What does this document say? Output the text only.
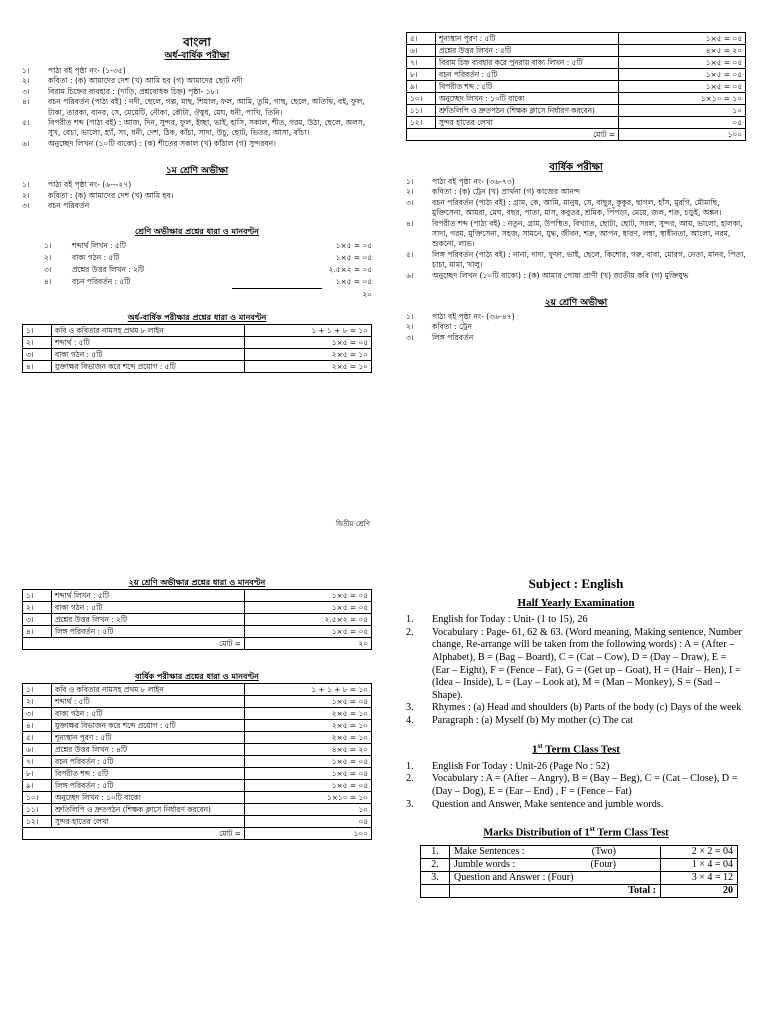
বাংলা
অর্ধ-বার্ষিক পরীক্ষা
১।	পাঠ্য বই পৃষ্ঠা নং- (১-৩৫)
২।	কবিতা : (ক) আমাদের দেশ (খ) আমি হব (গ) আমাদের ছোট নদী
৩।	বিরাম চিহ্নের ব্যবহার : (দাড়ি, প্রশ্নবোধক চিহ্ন) পৃষ্ঠা- ১৮।
৪।	বচন পরিবর্তন (পাঠ্য বই) : নদী, ছেলে, গল্প, মাছ, শিয়াল, ফল, আমি, তুমি, গাছ, ছেলে, অতিথি, বই, ফুল, টাকা, তারকা, বানর, সে, মেয়েটি, নৌকা, কৌটা, ঔষুধ, মেঘ, ধনী, পাখি, তিনি।
৫।	বিপরীত শব্দ (পাঠ্য বই) : আজ, দিন, সুন্দর, ফুল, ইচ্ছা, ভাই, হাসি, সকাল, শীত, গরম, উঠা, ছেলে, অলস, সুখ, বেচা, ভালো, হ্যাঁ, সং, ধনী, দেশ, ঠিক, কাঁচা, সাদা, উচু, ছোট, ভিতর, আসা, বাঁচা।
৬।	অনুচ্ছেদ লিখন (১০টি বাক্যে) : (ক) শীতের সকাল (খ) কাঁঠাল (গ) সুন্দরবন।
১ম শ্রেণি অভীক্ষা
১।	পাঠ্য বই পৃষ্ঠা নং- (৬---২৭)
২।	কবিতা : (ক) আমাদের দেশ (খ) আমি হব।
৩।	বচন পরিবর্তন
শ্রেণি অভীক্ষার প্রশ্নের ধারা ও মানবণ্টন
১।	শব্দার্থ লিখন : ৫টি	১×৫ = ০৫
২।	বাক্য গঠন : ৫টি	১×৫ = ০৫
৩।	প্রশ্নের উত্তর লিখন : ২টি	২.৫×২ = ০৫
৪।	বচন পরিবর্তন : ৫টি	১×৫ = ০৫
২০
অর্ধ-বার্ষিক পরীক্ষার প্রশ্নের ধারা ও মানবণ্টন
১।	কবি ও কবিতার নামসহ প্রথম ৮ লাইন	১ + ১ + ৮ = ১০
২।	শব্দার্থ : ৫টি	১×৫ = ০৫
৩।	বাক্য গঠন : ৫টি	২×৫ = ১০
৪।	যুক্তাক্ষর বিভাজন করে শব্দে প্রয়োগ : ৫টি	২×৫ = ১০
৫।	শূন্যস্থান পূরণ : ৫টি	১×৫ = ০৫
৬।	প্রশ্নের উত্তর লিখন : ৫টি	৪×৫ = ২০
৭।	বিরাম চিহ্ন ব্যবহার করে পুনরায় বাক্য লিখন : ৫টি	১×৫ = ০৫
৮।	বচন পরিবর্তন : ৫টি	১×৫ = ০৫
৯।	বিপরীত শব্দ : ৫টি	১×৫ = ০৫
১০।	অনুচ্ছেদ লিখন : ১০টি বাক্যে	১×১০ = ১০
১১।	শ্রুতিলিপি ও দ্রুতপঠন (শিক্ষক ক্লাসে নির্ধারণ করবেন)	১০
১২।	সুন্দর হাতের লেখা	০৫
মোট =	১০০
বার্ষিক পরীক্ষা
১।	পাঠ্য বই পৃষ্ঠা নং- (৩৬-৭৩)
২।	কবিতা : (ক) ট্রেন (খ) প্রার্থনা (গ) কাজের আনন্দ
৩।	বচন পরিবর্তন (পাঠ্য বই) : গ্রাম, কে, আমি, মানুষ, সে, বাছুর, কুকুর, ছাগল, হাঁস, মুরগি, মৌমাছি, মুক্তিসেনা, আমরা, মেঘ, বছর, পাতা, মাস, কবুতর, শ্রমিক, পিঁপড়া, মেয়ে, জল, শক্র, চড়ুই, অঙ্কন।
৪।	বিপরীত শব্দ (পাঠ্য বই) : নতুন, গ্রাম, উপস্থিত, বিখ্যাত, ছোটা, ছোট, সরল, সুন্দর, আয়, ভালো, হালকা, সাদা, গরম, মুক্তিসেনা, সহজ, সামনে, যুদ্ধ, জীবন, শক্র, আপন, ধারণ, লম্বা, স্বাধীনতা, আলো, নরম, শুকনো, লাভ।
৫।	লিঙ্গ পরিবর্তন (পাঠ্য বই) : নানা, দাদা, ফুফা, ভাই, ছেলে, কিশোর, গরু, বাবা, মোরগ, নেতা, মানব, পিতা, চাচা, মামা, খালু।
৬।	অনুচ্ছেদ লিখন (১০টি বাক্যে) : (ক) আমার পোষা প্রাণী (খ) জাতীয় কবি (গ) মুক্তিযুদ্ধ
২য় শ্রেণি অভীক্ষা
১।	পাঠ্য বই পৃষ্ঠা নং- (৩৬-৪৭)
২।	কবিতা : ট্রেন
৩।	লিঙ্গ পরিবর্তন
দ্বিতীয় শ্রেণি
২য় শ্রেণি অভীক্ষার প্রশ্নের ধারা ও মানবণ্টন
১।	শব্দার্থ লিখন : ৫টি	১×৫ = ০৫
২।	বাক্য গঠন : ৫টি	১×৫ = ০৫
৩।	প্রশ্নের উত্তর লিখন : ২টি	২.৫×২ = ০৫
৪।	লিঙ্গ পরিবর্তন : ৫টি	১×৫ = ০৫
মোট =	২০
বার্ষিক পরীক্ষার প্রশ্নের ধারা ও মানবণ্টন
১।	কবি ও কবিতার নামসহ প্রথম ৮ লাইন	১ + ১ + ৮ = ১০
২।	শব্দার্থ : ৫টি	১×৫ = ০৫
৩।	বাক্য গঠন : ৫টি	২×৫ = ১০
৪।	যুক্তাক্ষর বিভাজন করে শব্দে প্রয়োগ : ৫টি	২×৫ = ১০
৫।	শূন্যস্থান পূরণ : ৫টি	২×৫ = ১০
৬।	প্রশ্নের উত্তর লিখন : ৪টি	৪×৫ = ২০
৭।	বচন পরিবর্তন : ৫টি	১×৫ = ০৫
৮।	বিপরীত শব্দ : ৫টি	১×৫ = ০৫
৯।	লিঙ্গ পরিবর্তন : ৫টি	১×৫ = ০৫
১০।	অনুচ্ছেদ লিখন : ১০টি বাক্যে	১×১০ = ১০
১১।	শ্রুতিলিপি ও দ্রুতপঠন (শিক্ষক ক্লাসে নির্ধারণ করবেন)	১০
১২।	সুন্দর হাতের লেখা	০৫
মোট =	১০০
Subject : English
Half Yearly Examination
1.	English for Today : Unit- (1 to 15), 26
2.	Vocabulary : Page- 61, 62 & 63. (Word meaning, Making sentence, Number change, Re-arrange will be taken from the following words) : A = (After – Alphabet), B = (Bag – Board), C = (Cat – Cow), D = (Day – Draw), E = (Ear – Eight), F = (Fence – Fat), G = (Get up – Goat), H = (Hair – Hen), I = (Idea – Inside), L = (Lay – Look at), M = (Man – Monkey), S = (Sad – Shape).
3.	Rhymes : (a) Head and shoulders (b) Parts of the body (c) Days of the week
4.	Paragraph : (a) Myself (b) My mother (c) The cat
1st Term Class Test
1.	English For Today : Unit-26 (Page No : 52)
2.	Vocabulary : A = (After – Angry), B = (Bay – Beg), C = (Cat – Close), D = (Day – Dog), E = (Ear – End) , F = (Fence – Fat)
3.	Question and Answer, Make sentence and jumble words.
Marks Distribution of 1st Term Class Test
1.	Make Sentences : (Two)	2 × 2 = 04
2.	Jumble words : (Four)	1 × 4 = 04
3.	Question and Answer : (Four)	3 × 4 = 12
	Total :	20
